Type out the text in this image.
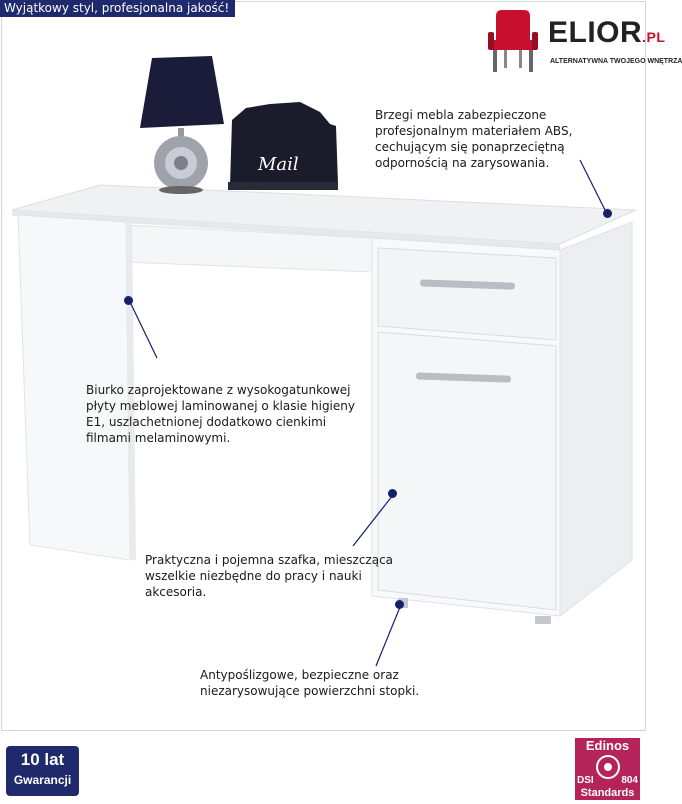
Wyjątkowy styl, profesjonalna jakość!
ELIOR.PL
ALTERNATYWNA TWOJEGO WNĘTRZA
Mail
Brzegi mebla zabezpieczone
profesjonalnym materiałem ABS,
cechującym się ponaprzeciętną
odpornością na zarysowania.
Biurko zaprojektowane z wysokogatunkowej
płyty meblowej laminowanej o klasie higieny
E1, uszlachetnionej dodatkowo cienkimi
filmami melaminowymi.
Praktyczna i pojemna szafka, mieszcząca
wszelkie niezbędne do pracy i nauki
akcesoria.
Antypoślizgowe, bezpieczne oraz
niezarysowujące powierzchni stopki.
10 lat
Gwarancji
Edinos
DSI	804
Standards
